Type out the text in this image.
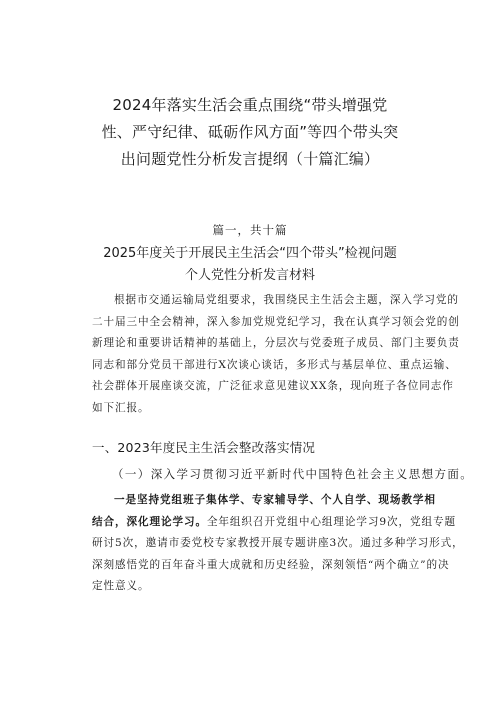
2024年落实生活会重点围绕“带头增强党
性、严守纪律、砥砺作风方面”等四个带头突
出问题党性分析发言提纲（十篇汇编）
篇一，共十篇
2025年度关于开展民主生活会“四个带头”检视问题
个人党性分析发言材料
根据市交通运输局党组要求，我围绕民主生活会主题，深入学习党的
二十届三中全会精神，深入参加党规党纪学习，我在认真学习领会党的创
新理论和重要讲话精神的基础上，分层次与党委班子成员、部门主要负责
同志和部分党员干部进行X次谈心谈话，多形式与基层单位、重点运输、
社会群体开展座谈交流，广泛征求意见建议XX条，现向班子各位同志作
如下汇报。
一、2023年度民主生活会整改落实情况
（一）深入学习贯彻习近平新时代中国特色社会主义思想方面。
一是坚持党组班子集体学、专家辅导学、个人自学、现场教学相
结合，深化理论学习。全年组织召开党组中心组理论学习9次，党组专题
研讨5次，邀请市委党校专家教授开展专题讲座3次。通过多种学习形式，
深刻感悟党的百年奋斗重大成就和历史经验，深刻领悟“两个确立”的决
定性意义。
